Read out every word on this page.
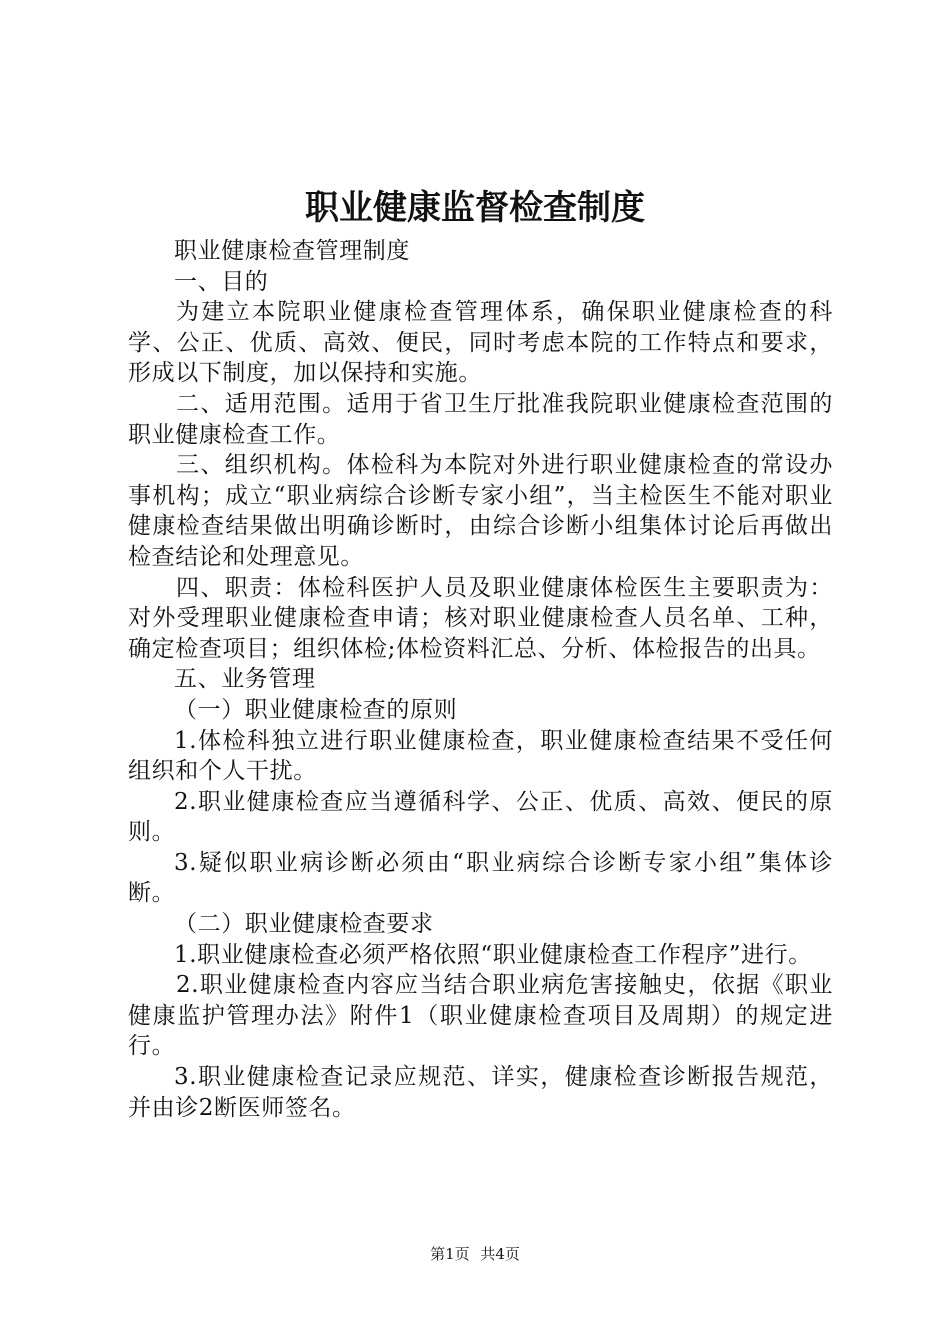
职业健康监督检查制度

职业健康检查管理制度

一、目的

为建立本院职业健康检查管理体系，确保职业健康检查的科学、公正、优质、高效、便民，同时考虑本院的工作特点和要求，形成以下制度，加以保持和实施。

二、适用范围。适用于省卫生厅批准我院职业健康检查范围的职业健康检查工作。

三、组织机构。体检科为本院对外进行职业健康检查的常设办事机构；成立“职业病综合诊断专家小组”，当主检医生不能对职业健康检查结果做出明确诊断时，由综合诊断小组集体讨论后再做出检查结论和处理意见。

四、职责：体检科医护人员及职业健康体检医生主要职责为：对外受理职业健康检查申请；核对职业健康检查人员名单、工种，确定检查项目；组织体检;体检资料汇总、分析、体检报告的出具。

五、业务管理

（一）职业健康检查的原则

1.体检科独立进行职业健康检查，职业健康检查结果不受任何组织和个人干扰。

2.职业健康检查应当遵循科学、公正、优质、高效、便民的原则。

3.疑似职业病诊断必须由“职业病综合诊断专家小组”集体诊断。

（二）职业健康检查要求

1.职业健康检查必须严格依照“职业健康检查工作程序”进行。

2.职业健康检查内容应当结合职业病危害接触史，依据《职业健康监护管理办法》附件1（职业健康检查项目及周期）的规定进行。

3.职业健康检查记录应规范、详实，健康检查诊断报告规范，并由诊2断医师签名。

第1页 共4页
